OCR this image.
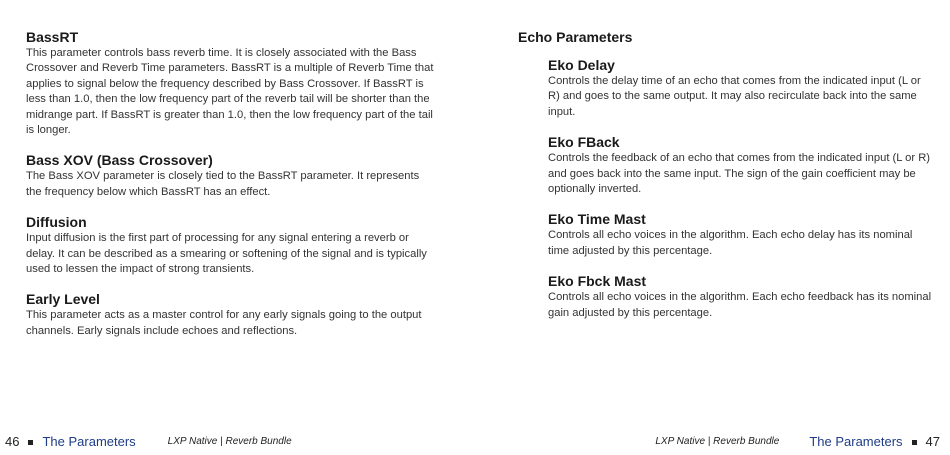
BassRT

This parameter controls bass reverb time. It is closely associated with the Bass Crossover and Reverb Time parameters. BassRT is a multiple of Reverb Time that applies to signal below the frequency described by Bass Crossover. If BassRT is less than 1.0, then the low frequency part of the reverb tail will be shorter than the midrange part. If BassRT is greater than 1.0, then the low frequency part of the tail is longer.

Bass XOV (Bass Crossover)

The Bass XOV parameter is closely tied to the BassRT parameter. It represents the frequency below which BassRT has an effect.

Diffusion

Input diffusion is the first part of processing for any signal entering a reverb or delay. It can be described as a smearing or softening of the signal and is typically used to lessen the impact of strong transients.

Early Level

This parameter acts as a master control for any early signals going to the output channels. Early signals include echoes and reflections.

Echo Parameters
Eko Delay

Controls the delay time of an echo that comes from the indicated input (L or R) and goes to the same output. It may also recirculate back into the same input.

Eko FBack

Controls the feedback of an echo that comes from the indicated input (L or R) and goes back into the same input. The sign of the gain coefficient may be optionally inverted.

Eko Time Mast

Controls all echo voices in the algorithm. Each echo delay has its nominal time adjusted by this percentage.

Eko Fbck Mast

Controls all echo voices in the algorithm. Each echo feedback has its nominal gain adjusted by this percentage.

46 The Parameters	LXP Native | Reverb Bundle	LXP Native | Reverb Bundle The Parameters 47
